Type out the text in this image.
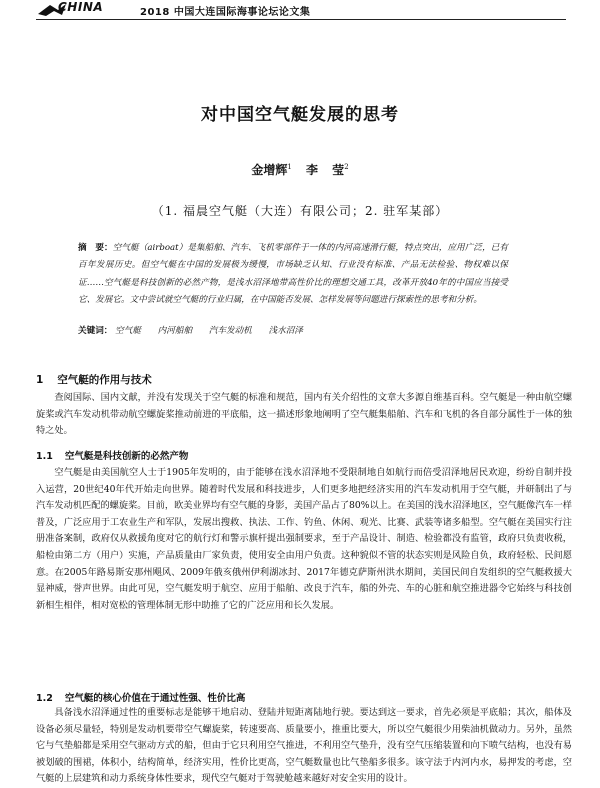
CHINA	2018 中国大连国际海事论坛论文集
对中国空气艇发展的思考
金增辉$^1$ 李 莹$^2$
（1. 福晨空气艇（大连）有限公司；2. 驻军某部）
摘　要：空气艇（airboat）是集船舶、汽车、飞机零部件于一体的内河高速滑行艇，特点突出，应用广泛，已有百年发展历史。但空气艇在中国的发展极为缓慢，市场缺乏认知、行业没有标准、产品无法检验、物权难以保证……空气艇是科技创新的必然产物，是浅水沼泽地带高性价比的理想交通工具，改革开放40年的中国应当接受它、发展它。文中尝试就空气艇的行业归属，在中国能否发展、怎样发展等问题进行探索性的思考和分析。
关键词： 空气艇 内河船舶 汽车发动机 浅水沼泽
1 空气艇的作用与技术
查阅国际、国内文献，并没有发现关于空气艇的标准和规范，国内有关介绍性的文章大多源自维基百科。空气艇是一种由航空螺旋桨或汽车发动机带动航空螺旋桨推动前进的平底船，这一描述形象地阐明了空气艇集船舶、汽车和飞机的各自部分属性于一体的独特之处。
1.1 空气艇是科技创新的必然产物
空气艇是由美国航空人士于1905年发明的，由于能够在浅水沼泽地不受限制地自如航行而倍受沼泽地居民欢迎，纷纷自制并投入运营，20世纪40年代开始走向世界。随着时代发展和科技进步，人们更多地把经济实用的汽车发动机用于空气艇，并研制出了与汽车发动机匹配的螺旋桨。目前，欧美业界均有空气艇的身影，美国产品占了80%以上。在美国的浅水沼泽地区，空气艇像汽车一样普及，广泛应用于工农业生产和军队，发展出搜救、执法、工作、钓鱼、休闲、观光、比赛、武装等诸多船型。空气艇在美国实行注册准备案制，政府仅从救援角度对它的航行灯和警示旗杆提出强制要求，至于产品设计、制造、检验都没有监管，政府只负责收税，船检由第二方（用户）实施，产品质量由厂家负责，使用安全由用户负责。这种貌似不管的状态实则是风险自负，政府轻松、民间愿意。在2005年路易斯安那州飓风、2009年俄亥俄州伊利湖冰封、2017年德克萨斯州洪水期间，美国民间自发组织的空气艇救援大显神威，誉声世界。由此可见，空气艇发明于航空、应用于船舶、改良于汽车，船的外壳、车的心脏和航空推进器令它始终与科技创新相生相伴，相对宽松的管理体制无形中助推了它的广泛应用和长久发展。
1.2 空气艇的核心价值在于通过性强、性价比高
具备浅水沼泽通过性的重要标志是能够干地启动、登陆并短距离陆地行驶。要达到这一要求，首先必须是平底船；其次，船体及设备必须尽量轻，特别是发动机要带空气螺旋桨，转速要高、质量要小，推重比要大，所以空气艇很少用柴油机做动力。另外，虽然它与气垫船都是采用空气驱动方式的船，但由于它只利用空气推进，不利用空气垫升，没有空气压缩装置和向下喷气结构，也没有易被划破的围裙，体积小，结构简单，经济实用，性价比更高，空气艇数量也比气垫船多很多。该守法于内河内水，易押发的考虑，空气艇的上层建筑和动力系统身体性要求，现代空气艇对于驾驶舱越来越好对安全实用的设计。
